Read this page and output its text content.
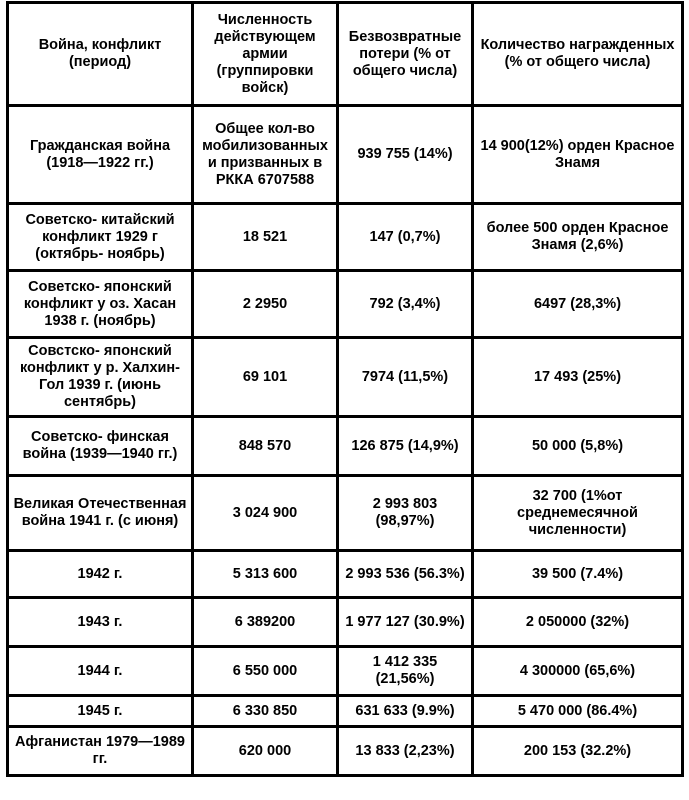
Война, конфликт (период)	Численность действующем армии (группировки войск)	Безвозвратные потери (% от общего числа)	Количество награжденных (% от общего числа)
Гражданская война (1918—1922 гг.)	Общее кол-во мобилизованных и призванных в РККА 6707588	939 755 (14%)	14 900(12%) орден Красное Знамя
Советско- китайский конфликт 1929 г (октябрь- ноябрь)	18 521	147 (0,7%)	более 500 орден Красное Знамя (2,6%)
Советско- японский конфликт у оз. Хасан 1938 г. (ноябрь)	2 2950	792 (3,4%)	6497 (28,3%)
Совстско- японский конфликт у р. Халхин-Гол 1939 г. (июнь сентябрь)	69 101	7974 (11,5%)	17 493 (25%)
Советско- финская война (1939—1940 гг.)	848 570	126 875 (14,9%)	50 000 (5,8%)
Великая Отечественная война 1941 г. (с июня)	3 024 900	2 993 803 (98,97%)	32 700 (1%от среднемесячной численности)
1942 г.	5 313 600	2 993 536 (56.3%)	39 500 (7.4%)
1943 г.	6 389200	1 977 127 (30.9%)	2 050000 (32%)
1944 г.	6 550 000	1 412 335 (21,56%)	4 300000 (65,6%)
1945 г.	6 330 850	631 633 (9.9%)	5 470 000 (86.4%)
Афганистан 1979—1989 гг.	620 000	13 833 (2,23%)	200 153 (32.2%)
